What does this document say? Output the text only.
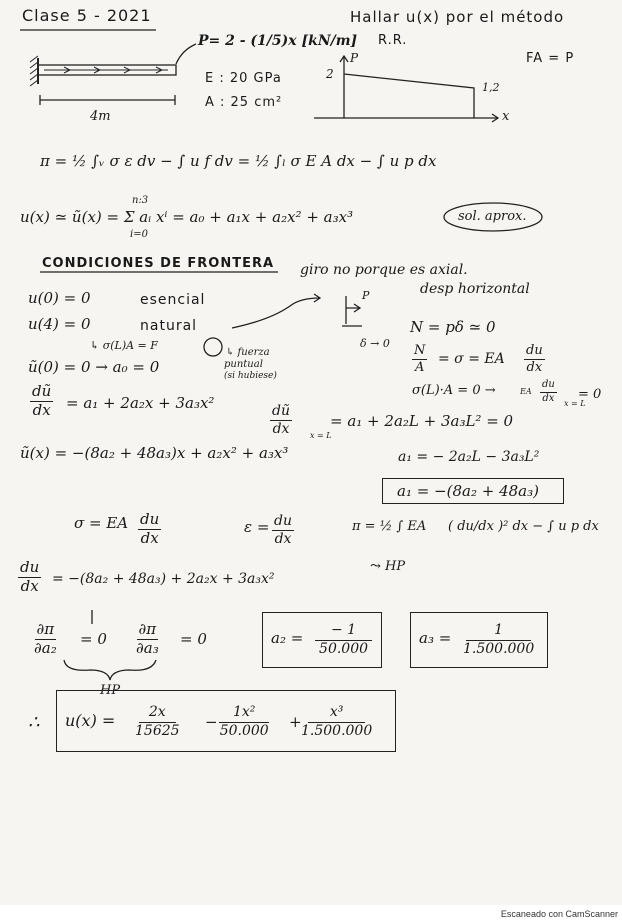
Clase 5 - 2021	Hallar u(x) por el método
R.R.
P= 2 - (1/5)x [kN/m]
E : 20 GPa
A : 25 cm²
4m
P
2
1,2
x
FA = P
π = ½ ∫ᵥ σ ε dv − ∫ u f dv = ½ ∫ₗ σ E A dx − ∫ u p dx
n:3
u(x) ≃ ũ(x) = Σ aᵢ xⁱ = a₀ + a₁x + a₂x² + a₃x³
i=0
sol. aprox.
CONDICIONES DE FRONTERA giro no porque es axial.
desp horizontal
u(0) = 0	esencial
u(4) = 0	natural
↳ σ(L)A = F
↳ fuerza
puntual
(si hubiese)
ũ(0) = 0 → a₀ = 0
P
δ → 0
N = pδ ≃ 0
N
A
= σ = EA
du
dx
σ(L)·A = 0 →	EA
du
dx x = L
= 0
dũ
dx = a₁ + 2a₂x + 3a₃x²	dũ
dx	x = L
= a₁ + 2a₂L + 3a₃L² = 0
ũ(x) = −(8a₂ + 48a₃)x + a₂x² + a₃x³	a₁ = − 2a₂L − 3a₃L²
a₁ = −(8a₂ + 48a₃)
σ = EA du
dx
ε = du
dx
π = ½ ∫ EA ( du/dx )² dx − ∫ u p dx
⤳ HP
du
dx = −(8a₂ + 48a₃) + 2a₂x + 3a₃x²
∂π
∂a₂ = 0
∂π
∂a₃ = 0
HP
a₂ =	− 1
50.000
a₃ =	1
1.500.000
∴ u(x) =	2x
15625 −
1x²
50.000 +
x³
1.500.000
Escaneado con CamScanner
